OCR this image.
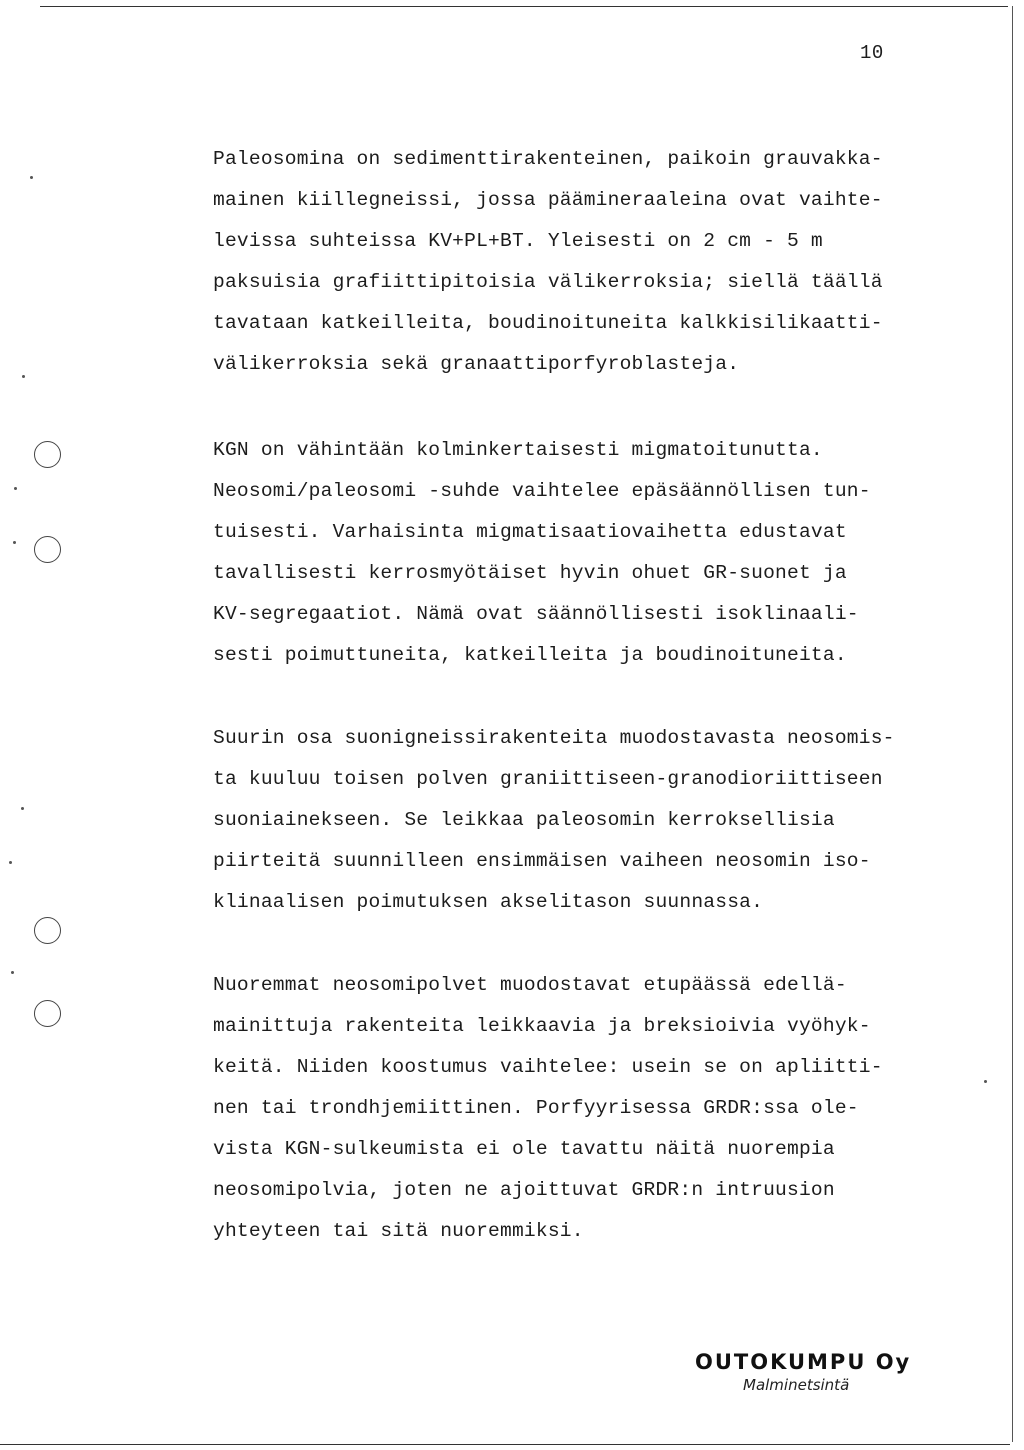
10
Paleosomina on sedimenttirakenteinen, paikoin grauvakka-
mainen kiillegneissi, jossa päämineraaleina ovat vaihte-
levissa suhteissa KV+PL+BT. Yleisesti on 2 cm - 5 m
paksuisia grafiittipitoisia välikerroksia; siellä täällä
tavataan katkeilleita, boudinoituneita kalkkisilikaatti-
välikerroksia sekä granaattiporfyroblasteja.
KGN on vähintään kolminkertaisesti migmatoitunutta.
Neosomi/paleosomi -suhde vaihtelee epäsäännöllisen tun-
tuisesti. Varhaisinta migmatisaatiovaihetta edustavat
tavallisesti kerrosmyötäiset hyvin ohuet GR-suonet ja
KV-segregaatiot. Nämä ovat säännöllisesti isoklinaali-
sesti poimuttuneita, katkeilleita ja boudinoituneita.
Suurin osa suonigneissirakenteita muodostavasta neosomis-
ta kuuluu toisen polven graniittiseen-granodioriittiseen
suoniainekseen. Se leikkaa paleosomin kerroksellisia
piirteitä suunnilleen ensimmäisen vaiheen neosomin iso-
klinaalisen poimutuksen akselitason suunnassa.
Nuoremmat neosomipolvet muodostavat etupäässä edellä-
mainittuja rakenteita leikkaavia ja breksioivia vyöhyk-
keitä. Niiden koostumus vaihtelee: usein se on apliitti-
nen tai trondhjemiittinen. Porfyyrisessa GRDR:ssa ole-
vista KGN-sulkeumista ei ole tavattu näitä nuorempia
neosomipolvia, joten ne ajoittuvat GRDR:n intruusion
yhteyteen tai sitä nuoremmiksi.
OUTOKUMPU Oy
Malminetsintä
